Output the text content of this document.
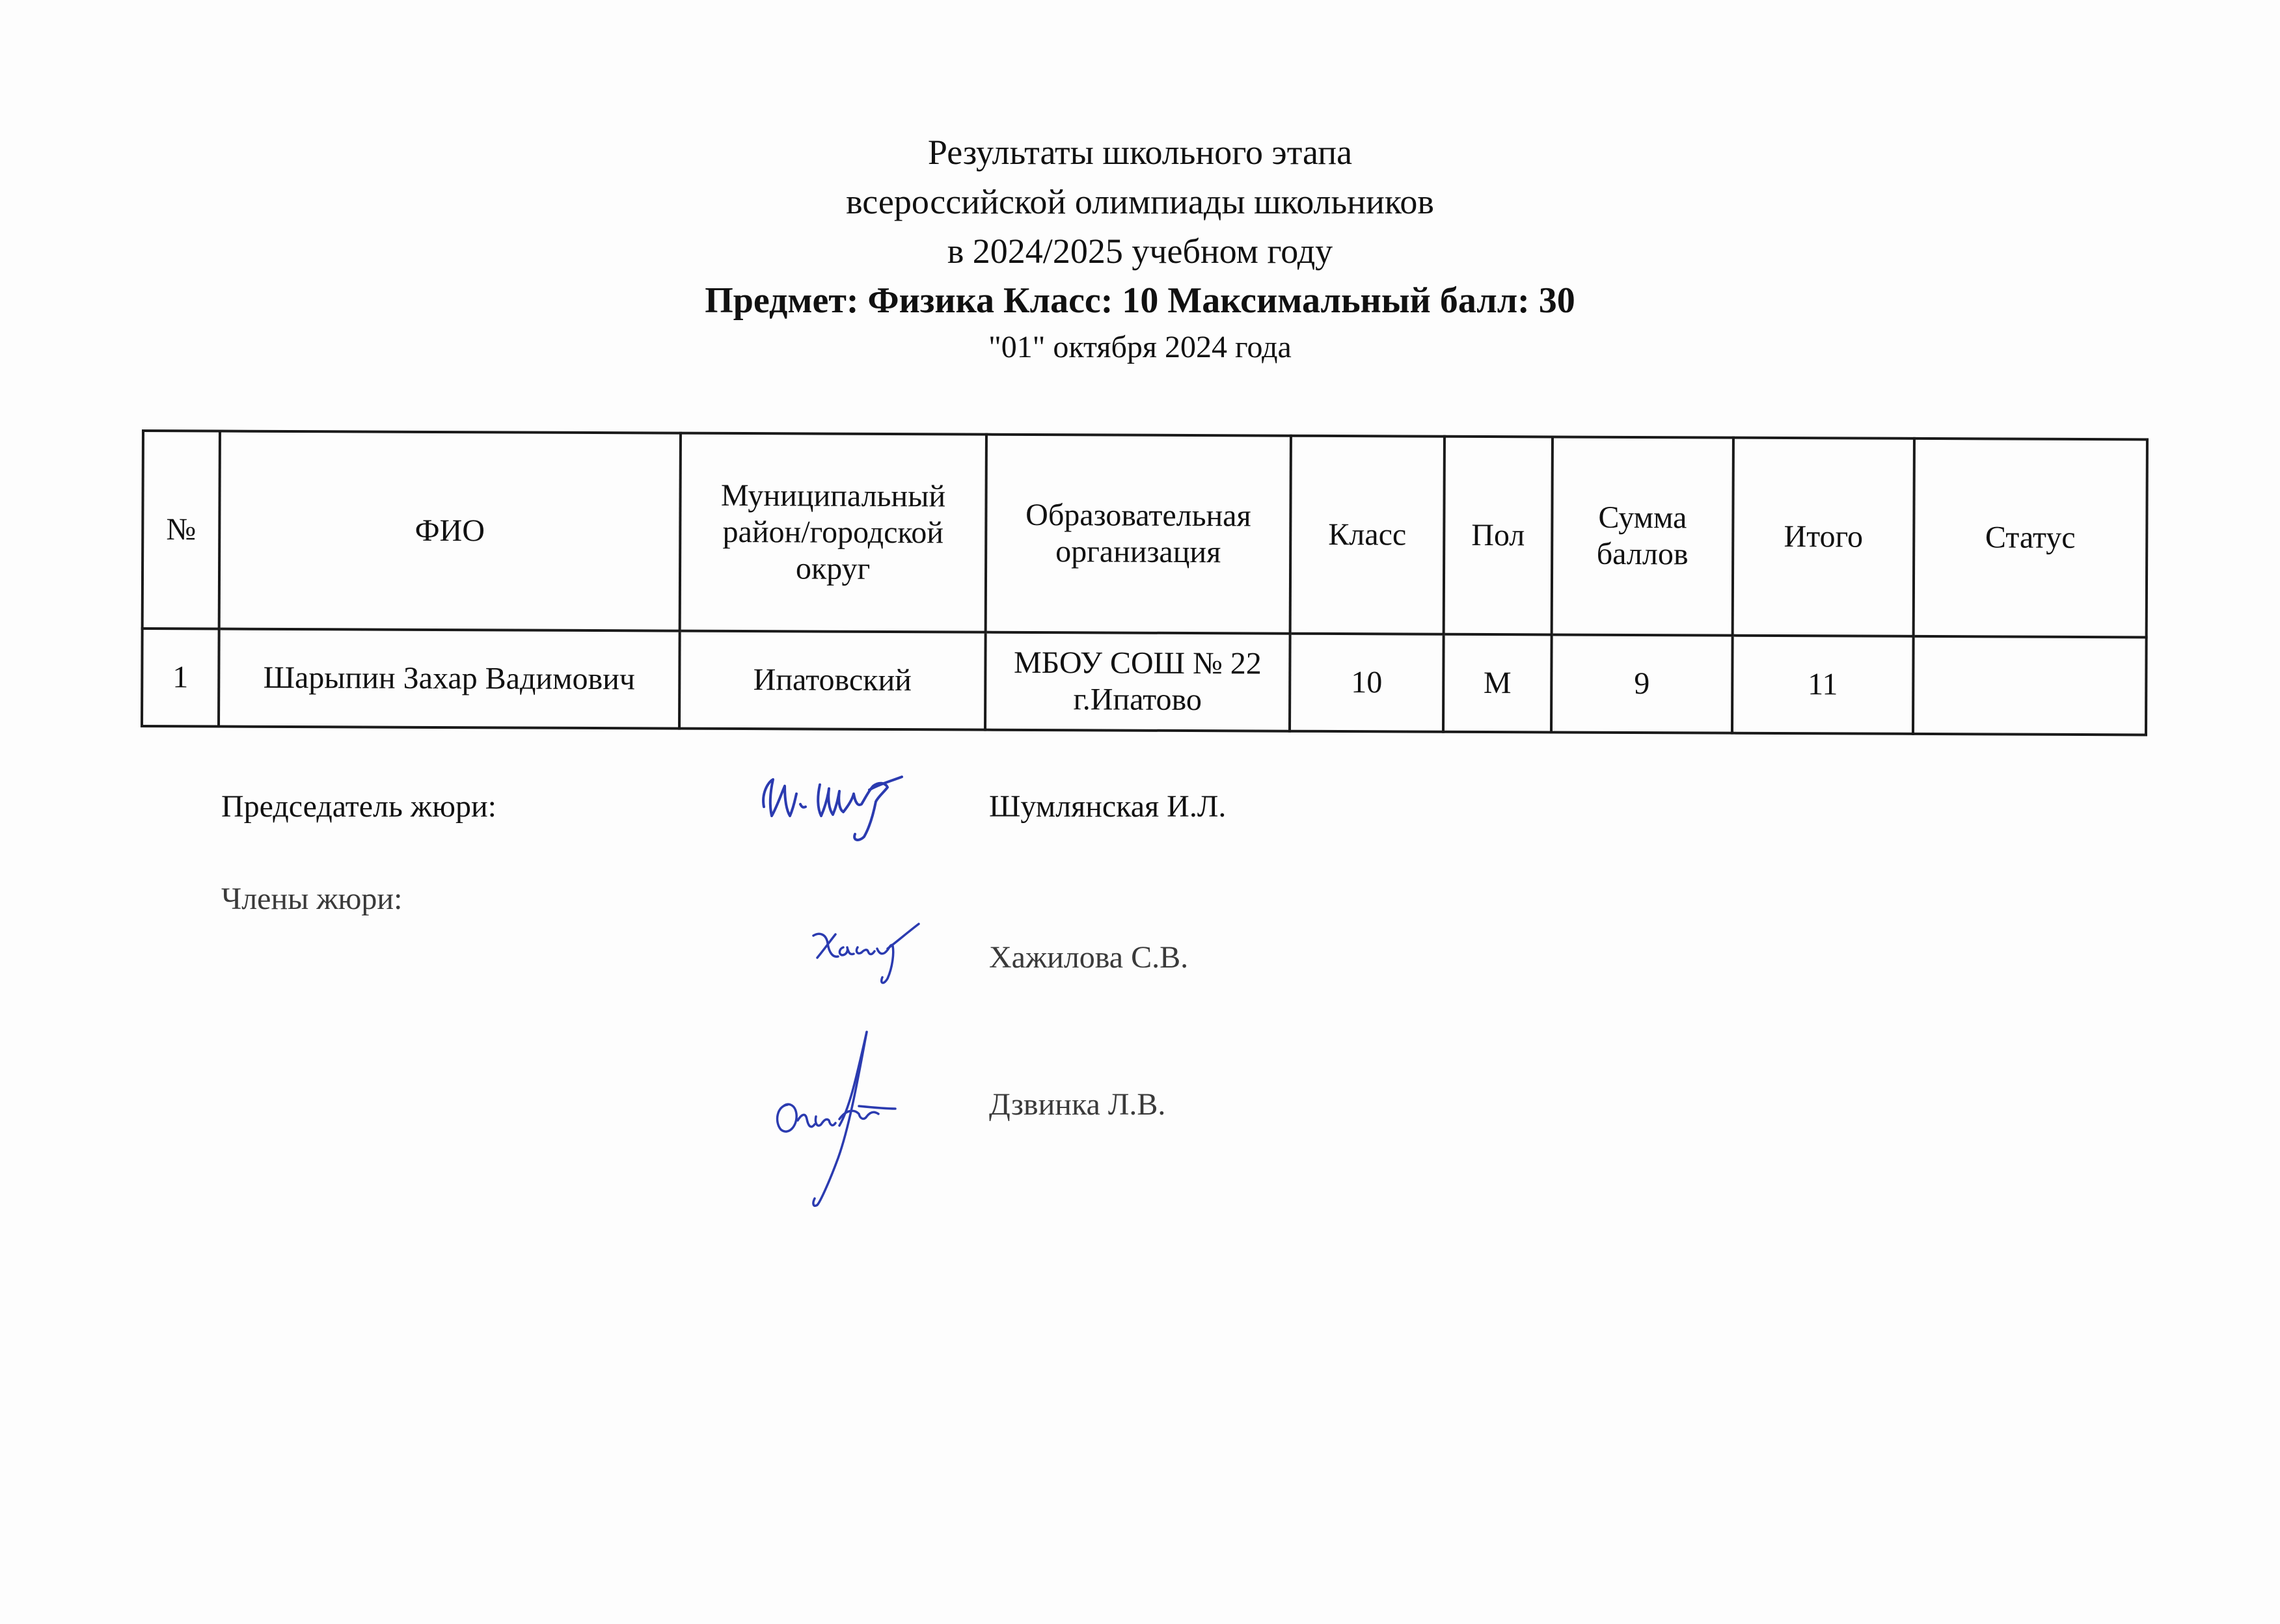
Результаты школьного этапа
всероссийской олимпиады школьников
в 2024/2025 учебном году
Предмет: Физика Класс: 10 Максимальный балл: 30
"01" октября 2024 года
№	ФИО	Муниципальный район/городской округ	Образовательная организация	Класс	Пол	Сумма баллов	Итого	Статус
1	Шарыпин Захар Вадимович	Ипатовский	МБОУ СОШ № 22 г.Ипатово	10	М	9	11	
Председатель жюри:	Шумлянская И.Л.
Члены жюри:
Хажилова С.В.
Дзвинка Л.В.
